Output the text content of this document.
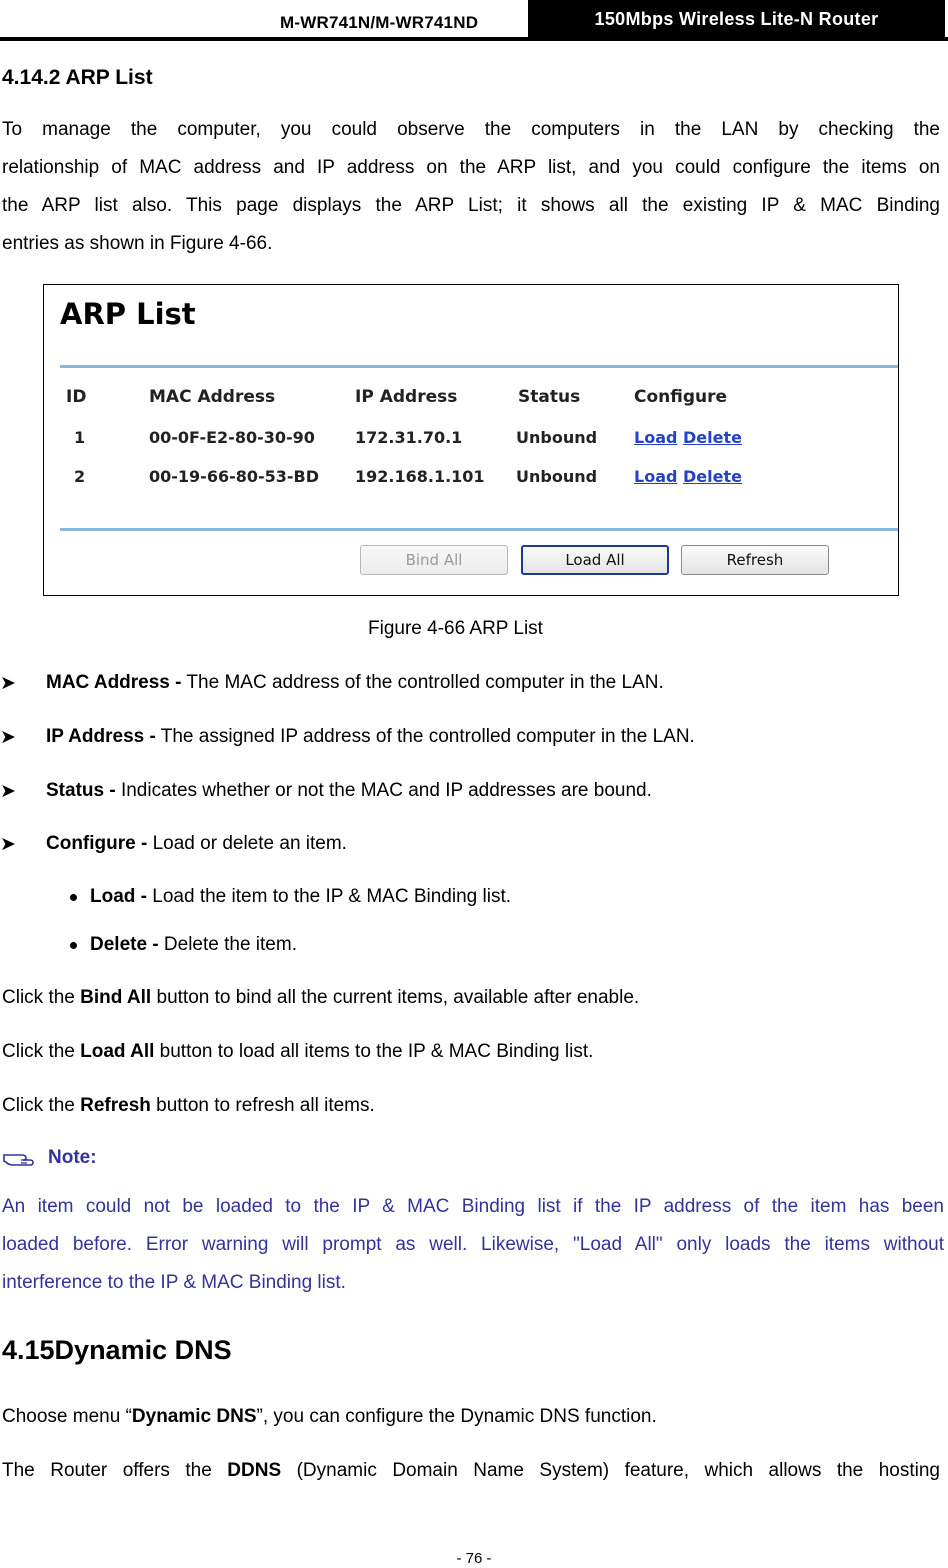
M-WR741N/M-WR741ND	150Mbps Wireless Lite-N Router
4.14.2 ARP List
To manage the computer, you could observe the computers in the LAN by checking the
relationship of MAC address and IP address on the ARP list, and you could configure the items on
the ARP list also. This page displays the ARP List; it shows all the existing IP & MAC Binding
entries as shown in Figure 4-66.
ARP List
ID	MAC Address	IP Address	Status	Configure
1	00-0F-E2-80-30-90	172.31.70.1	Unbound Load Delete
2	00-19-66-80-53-BD 192.168.1.101 Unbound Load Delete
Bind All	Load All	Refresh
Figure 4-66 ARP List
➤ MAC Address - The MAC address of the controlled computer in the LAN.
➤ IP Address - The assigned IP address of the controlled computer in the LAN.
➤ Status - Indicates whether or not the MAC and IP addresses are bound.
➤ Configure - Load or delete an item.
Load - Load the item to the IP & MAC Binding list.
Delete - Delete the item.
Click the Bind All button to bind all the current items, available after enable.
Click the Load All button to load all items to the IP & MAC Binding list.
Click the Refresh button to refresh all items.
Note:
An item could not be loaded to the IP & MAC Binding list if the IP address of the item has been
loaded before. Error warning will prompt as well. Likewise, "Load All" only loads the items without
interference to the IP & MAC Binding list.
4.15Dynamic DNS
Choose menu “Dynamic DNS”, you can configure the Dynamic DNS function.
The Router offers the DDNS (Dynamic Domain Name System) feature, which allows the hosting
- 76 -
